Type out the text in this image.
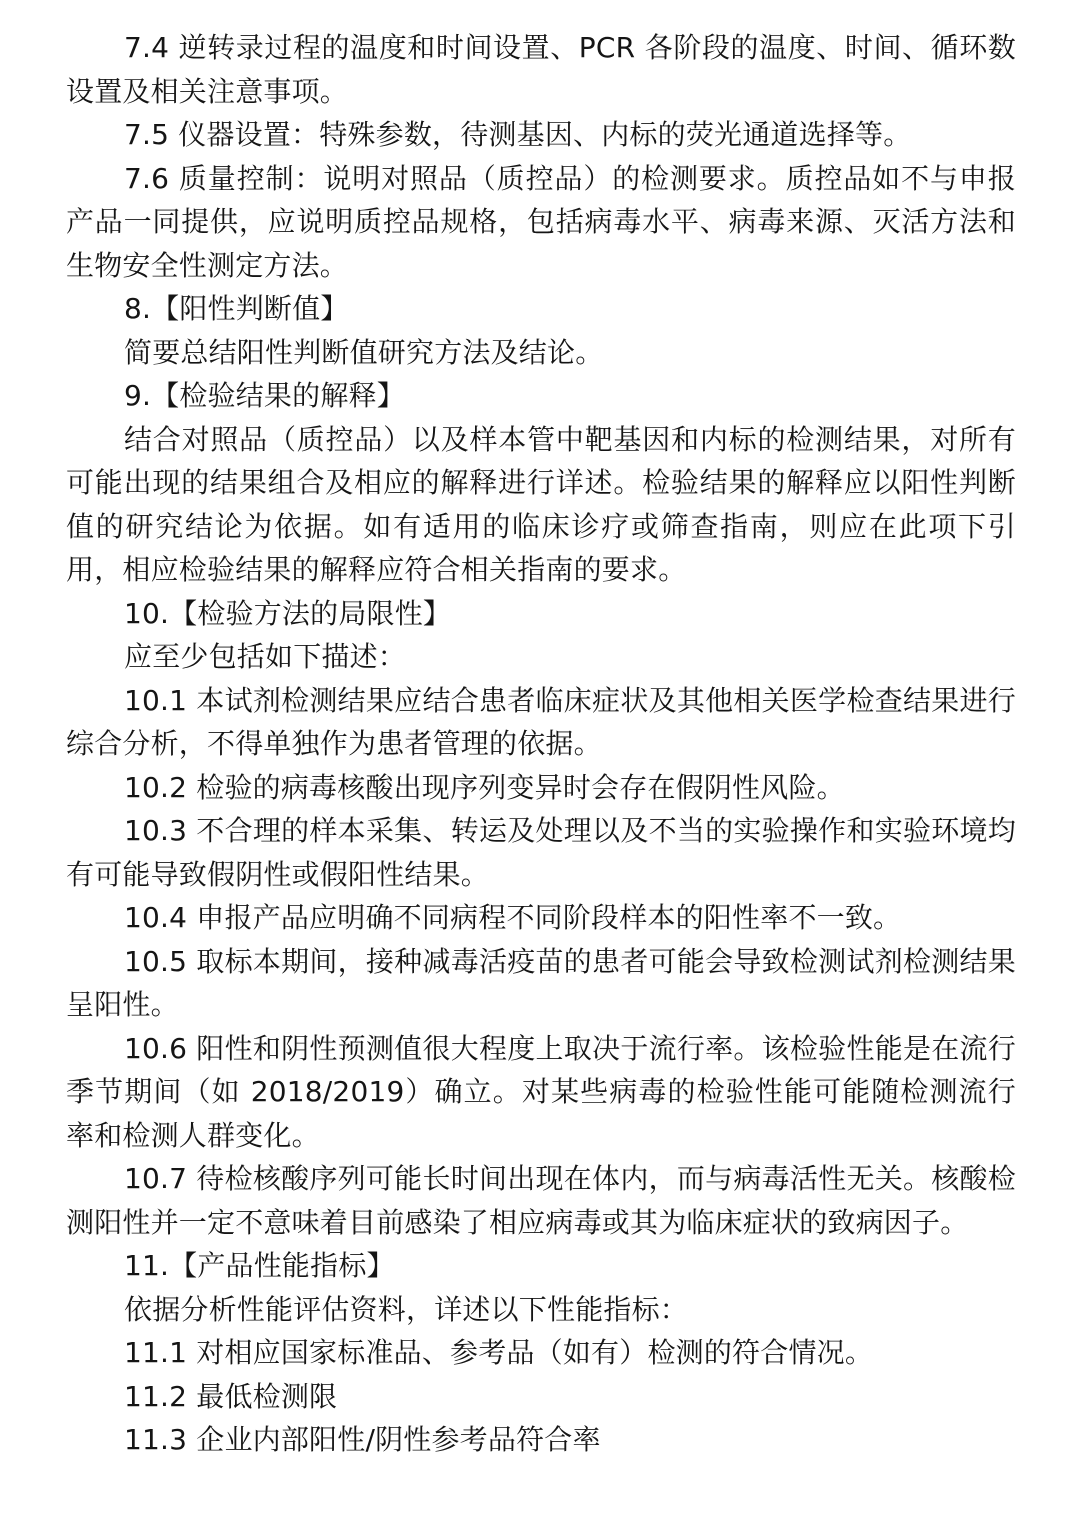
7.4 逆转录过程的温度和时间设置、PCR 各阶段的温度、时间、循环数设置及相关注意事项。

7.5 仪器设置：特殊参数，待测基因、内标的荧光通道选择等。

7.6 质量控制：说明对照品（质控品）的检测要求。质控品如不与申报产品一同提供，应说明质控品规格，包括病毒水平、病毒来源、灭活方法和生物安全性测定方法。

8.【阳性判断值】

简要总结阳性判断值研究方法及结论。

9.【检验结果的解释】

结合对照品（质控品）以及样本管中靶基因和内标的检测结果，对所有可能出现的结果组合及相应的解释进行详述。检验结果的解释应以阳性判断值的研究结论为依据。如有适用的临床诊疗或筛查指南，则应在此项下引用，相应检验结果的解释应符合相关指南的要求。

10.【检验方法的局限性】

应至少包括如下描述：

10.1 本试剂检测结果应结合患者临床症状及其他相关医学检查结果进行综合分析，不得单独作为患者管理的依据。

10.2 检验的病毒核酸出现序列变异时会存在假阴性风险。

10.3 不合理的样本采集、转运及处理以及不当的实验操作和实验环境均有可能导致假阴性或假阳性结果。

10.4 申报产品应明确不同病程不同阶段样本的阳性率不一致。

10.5 取标本期间，接种减毒活疫苗的患者可能会导致检测试剂检测结果呈阳性。

10.6 阳性和阴性预测值很大程度上取决于流行率。该检验性能是在流行季节期间（如 2018/2019）确立。对某些病毒的检验性能可能随检测流行率和检测人群变化。

10.7 待检核酸序列可能长时间出现在体内，而与病毒活性无关。核酸检测阳性并一定不意味着目前感染了相应病毒或其为临床症状的致病因子。

11.【产品性能指标】

依据分析性能评估资料，详述以下性能指标：

11.1 对相应国家标准品、参考品（如有）检测的符合情况。

11.2 最低检测限

11.3 企业内部阳性/阴性参考品符合率
